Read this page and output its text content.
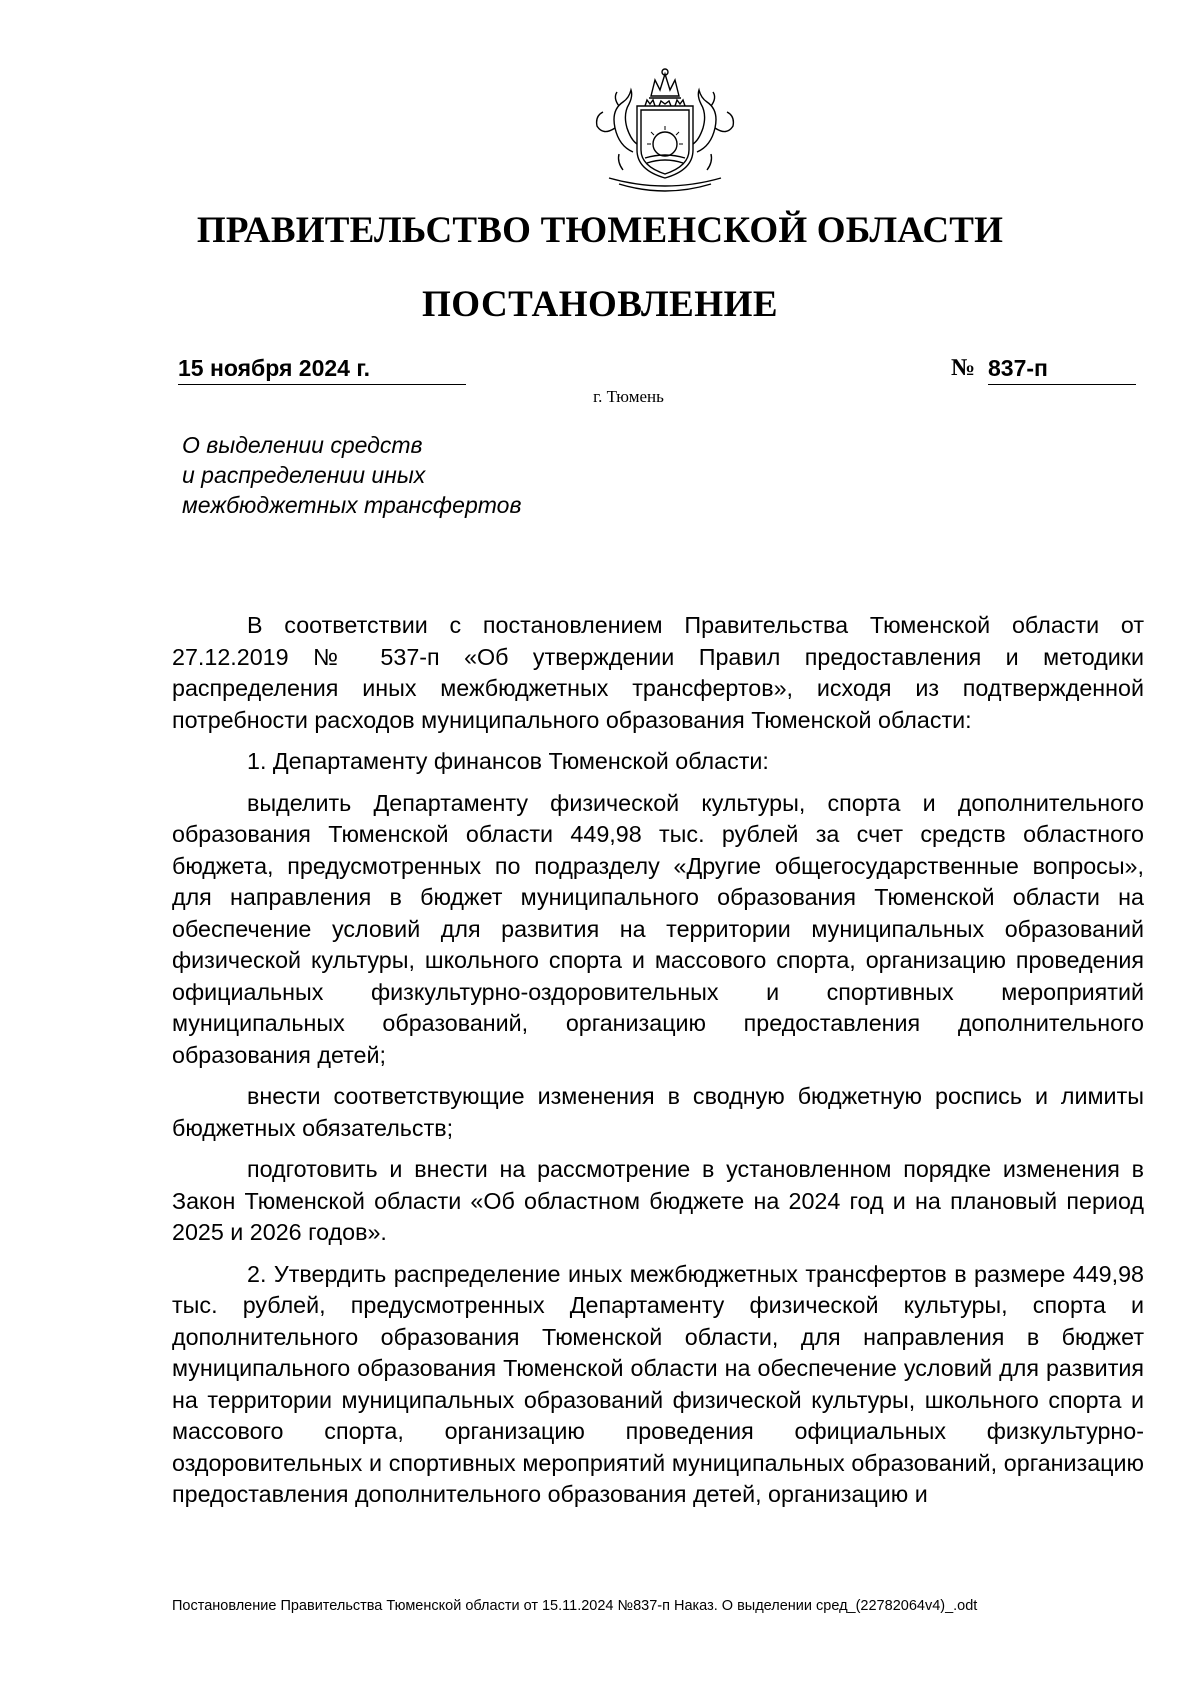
ПРАВИТЕЛЬСТВО ТЮМЕНСКОЙ ОБЛАСТИ
ПОСТАНОВЛЕНИЕ
15 ноября 2024 г.	№ 837-п
г. Тюмень
О выделении средств
и распределении иных
межбюджетных трансфертов

В соответствии с постановлением Правительства Тюменской области от 27.12.2019 № 537-п «Об утверждении Правил предоставления и методики распределения иных межбюджетных трансфертов», исходя из подтвержденной потребности расходов муниципального образования Тюменской области:

1. Департаменту финансов Тюменской области:

выделить Департаменту физической культуры, спорта и дополнительного образования Тюменской области 449,98 тыс. рублей за счет средств областного бюджета, предусмотренных по подразделу «Другие общегосударственные вопросы», для направления в бюджет муниципального образования Тюменской области на обеспечение условий для развития на территории муниципальных образований физической культуры, школьного спорта и массового спорта, организацию проведения официальных физкультурно-оздоровительных и спортивных мероприятий муниципальных образований, организацию предоставления дополнительного образования детей;

внести соответствующие изменения в сводную бюджетную роспись и лимиты бюджетных обязательств;

подготовить и внести на рассмотрение в установленном порядке изменения в Закон Тюменской области «Об областном бюджете на 2024 год и на плановый период 2025 и 2026 годов».

2. Утвердить распределение иных межбюджетных трансфертов в размере 449,98 тыс. рублей, предусмотренных Департаменту физической культуры, спорта и дополнительного образования Тюменской области, для направления в бюджет муниципального образования Тюменской области на обеспечение условий для развития на территории муниципальных образований физической культуры, школьного спорта и массового спорта, организацию проведения официальных физкультурно-оздоровительных и спортивных мероприятий муниципальных образований, организацию предоставления дополнительного образования детей, организацию и

Постановление Правительства Тюменской области от 15.11.2024 №837-п Наказ. О выделении сред_(22782064v4)_.odt
